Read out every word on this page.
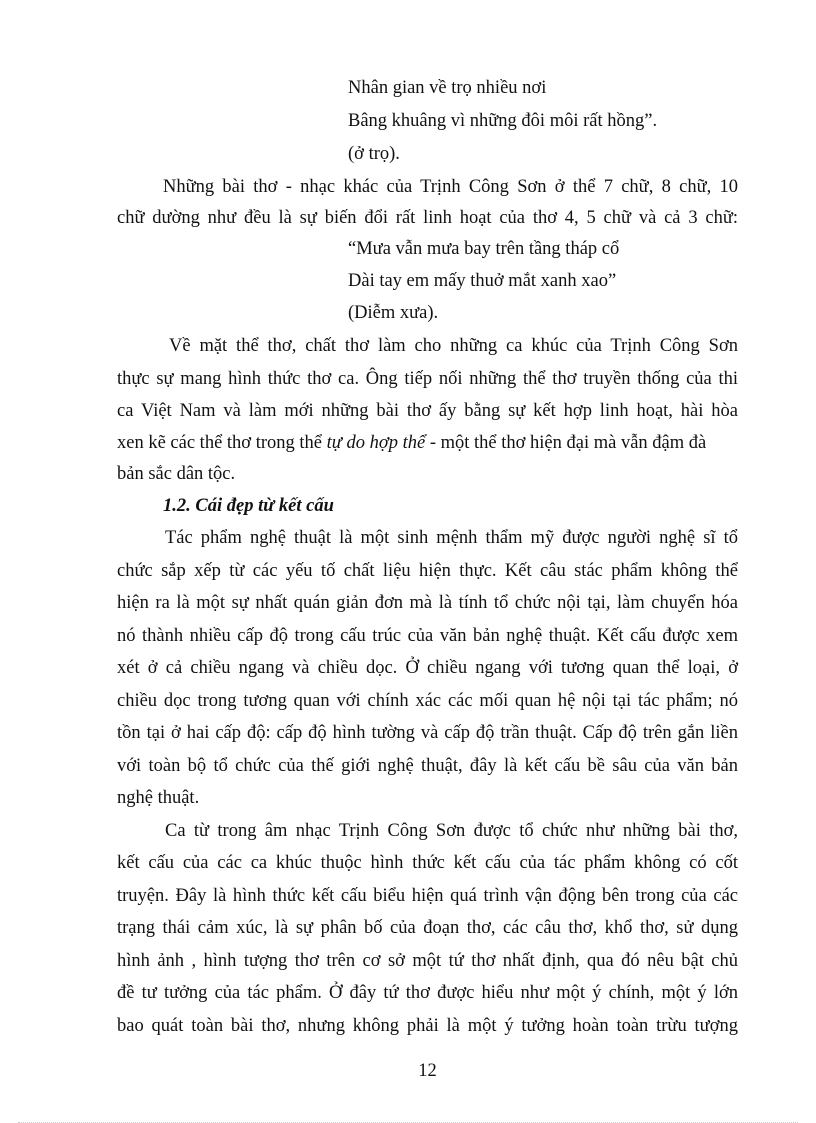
Nhân gian về trọ nhiều nơi
Bâng khuâng vì những đôi môi rất hồng”.
(ở trọ).
Những bài thơ - nhạc khác của Trịnh Công Sơn ở thể 7 chữ, 8 chữ, 10
chữ dường như đều là sự biến đổi rất linh hoạt của thơ 4, 5 chữ và cả 3 chữ:
“Mưa vẫn mưa bay trên tầng tháp cổ
Dài tay em mấy thuở mắt xanh xao”
(Diễm xưa).
Về mặt thể thơ, chất thơ làm cho những ca khúc của Trịnh Công Sơn
thực sự mang hình thức thơ ca. Ông tiếp nối những thể thơ truyền thống của thi
ca Việt Nam và làm mới những bài thơ ấy bằng sự kết hợp linh hoạt, hài hòa
xen kẽ các thể thơ trong thể tự do hợp thể - một thể thơ hiện đại mà vẫn đậm đà
bản sắc dân tộc.
1.2. Cái đẹp từ kết cấu
Tác phẩm nghệ thuật là một sinh mệnh thẩm mỹ được người nghệ sĩ tổ
chức sắp xếp từ các yếu tố chất liệu hiện thực. Kết câu stác phẩm không thể
hiện ra là một sự nhất quán giản đơn mà là tính tổ chức nội tại, làm chuyển hóa
nó thành nhiều cấp độ trong cấu trúc của văn bản nghệ thuật. Kết cấu được xem
xét ở cả chiều ngang và chiều dọc. Ở chiều ngang với tương quan thể loại, ở
chiều dọc trong tương quan với chính xác các mối quan hệ nội tại tác phẩm; nó
tồn tại ở hai cấp độ: cấp độ hình tường và cấp độ trần thuật. Cấp độ trên gắn liền
với toàn bộ tổ chức của thế giới nghệ thuật, đây là kết cấu bề sâu của văn bản
nghệ thuật.
Ca từ trong âm nhạc Trịnh Công Sơn được tổ chức như những bài thơ,
kết cấu của các ca khúc thuộc hình thức kết cấu của tác phẩm không có cốt
truyện. Đây là hình thức kết cấu biểu hiện quá trình vận động bên trong của các
trạng thái cảm xúc, là sự phân bố của đoạn thơ, các câu thơ, khổ thơ, sử dụng
hình ảnh , hình tượng thơ trên cơ sở một tứ thơ nhất định, qua đó nêu bật chủ
đề tư tưởng của tác phẩm. Ở đây tứ thơ được hiểu như một ý chính, một ý lớn
bao quát toàn bài thơ, nhưng không phải là một ý tưởng hoàn toàn trừu tượng
12
